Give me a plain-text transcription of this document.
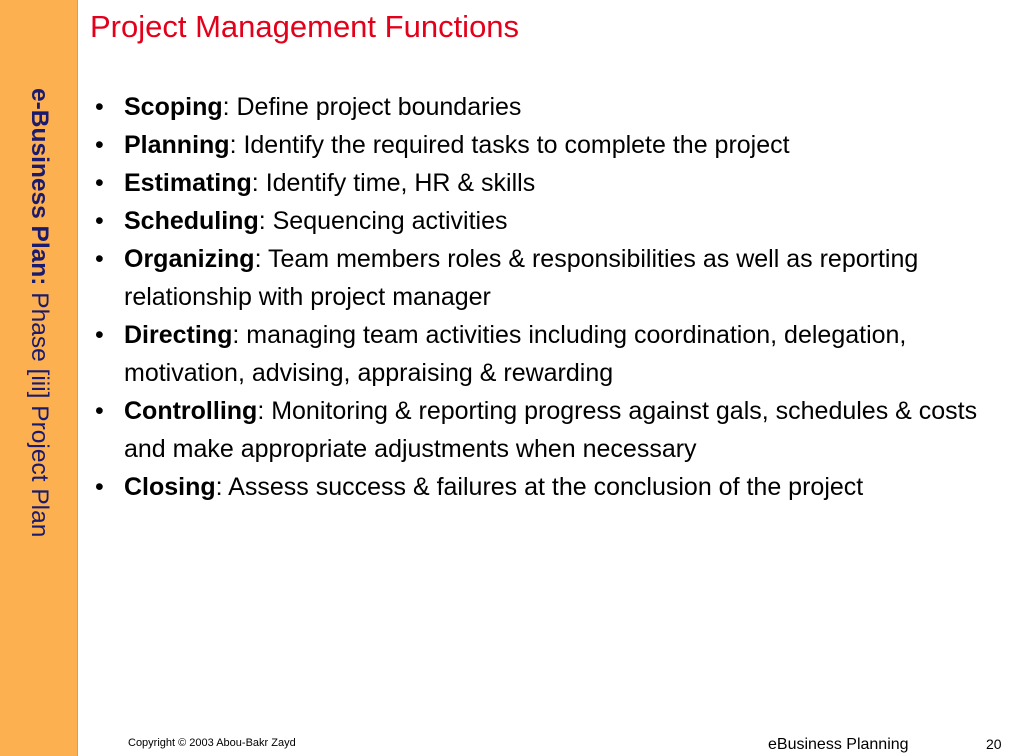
e-Business Plan: Phase [iii] Project Plan
Project Management Functions
• Scoping: Define project boundaries
• Planning: Identify the required tasks to complete the project
• Estimating: Identify time, HR & skills
• Scheduling: Sequencing activities
• Organizing: Team members roles & responsibilities as well as reporting relationship with project manager
• Directing: managing team activities including coordination, delegation, motivation, advising, appraising & rewarding
• Controlling: Monitoring & reporting progress against gals, schedules & costs and make appropriate adjustments when necessary
• Closing: Assess success & failures at the conclusion of the project
Copyright © 2003 Abou-Bakr Zayd	eBusiness Planning	20
